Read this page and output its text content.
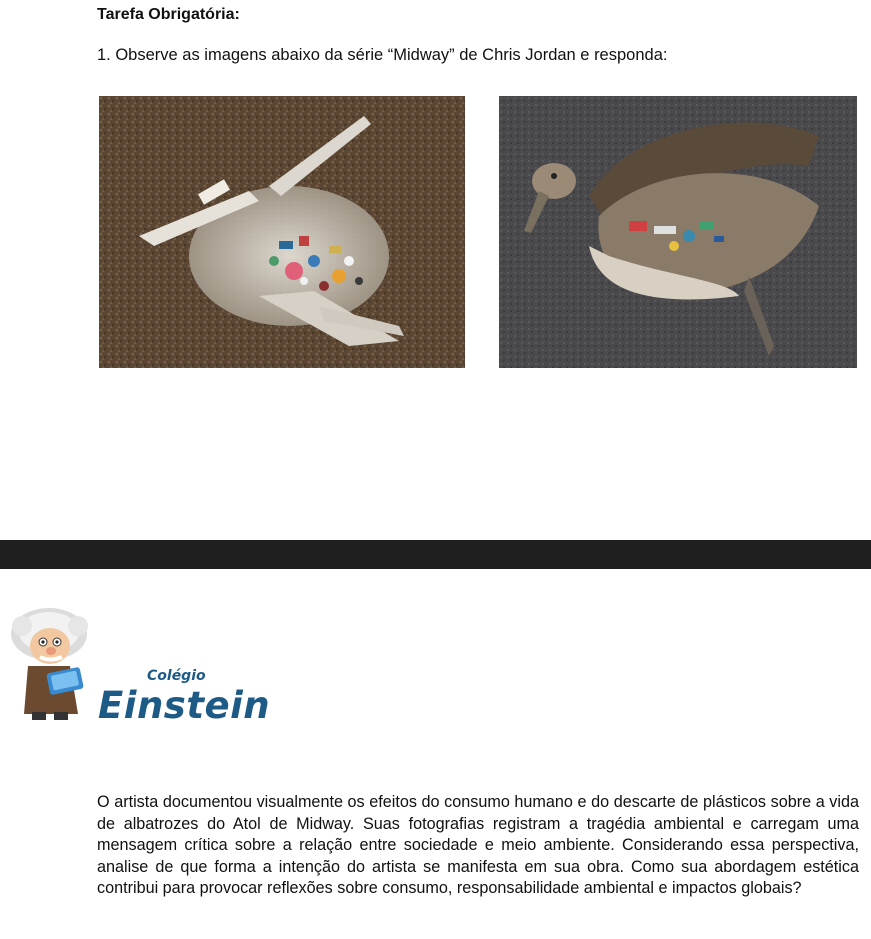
Tarefa Obrigatória:

1. Observe as imagens abaixo da série “Midway” de Chris Jordan e responda:

Colégio
Einstein

O artista documentou visualmente os efeitos do consumo humano e do descarte de plásticos sobre a vida de albatrozes do Atol de Midway. Suas fotografias registram a tragédia ambiental e carregam uma mensagem crítica sobre a relação entre sociedade e meio ambiente. Considerando essa perspectiva, analise de que forma a intenção do artista se manifesta em sua obra. Como sua abordagem estética contribui para provocar reflexões sobre consumo, responsabilidade ambiental e impactos globais?
